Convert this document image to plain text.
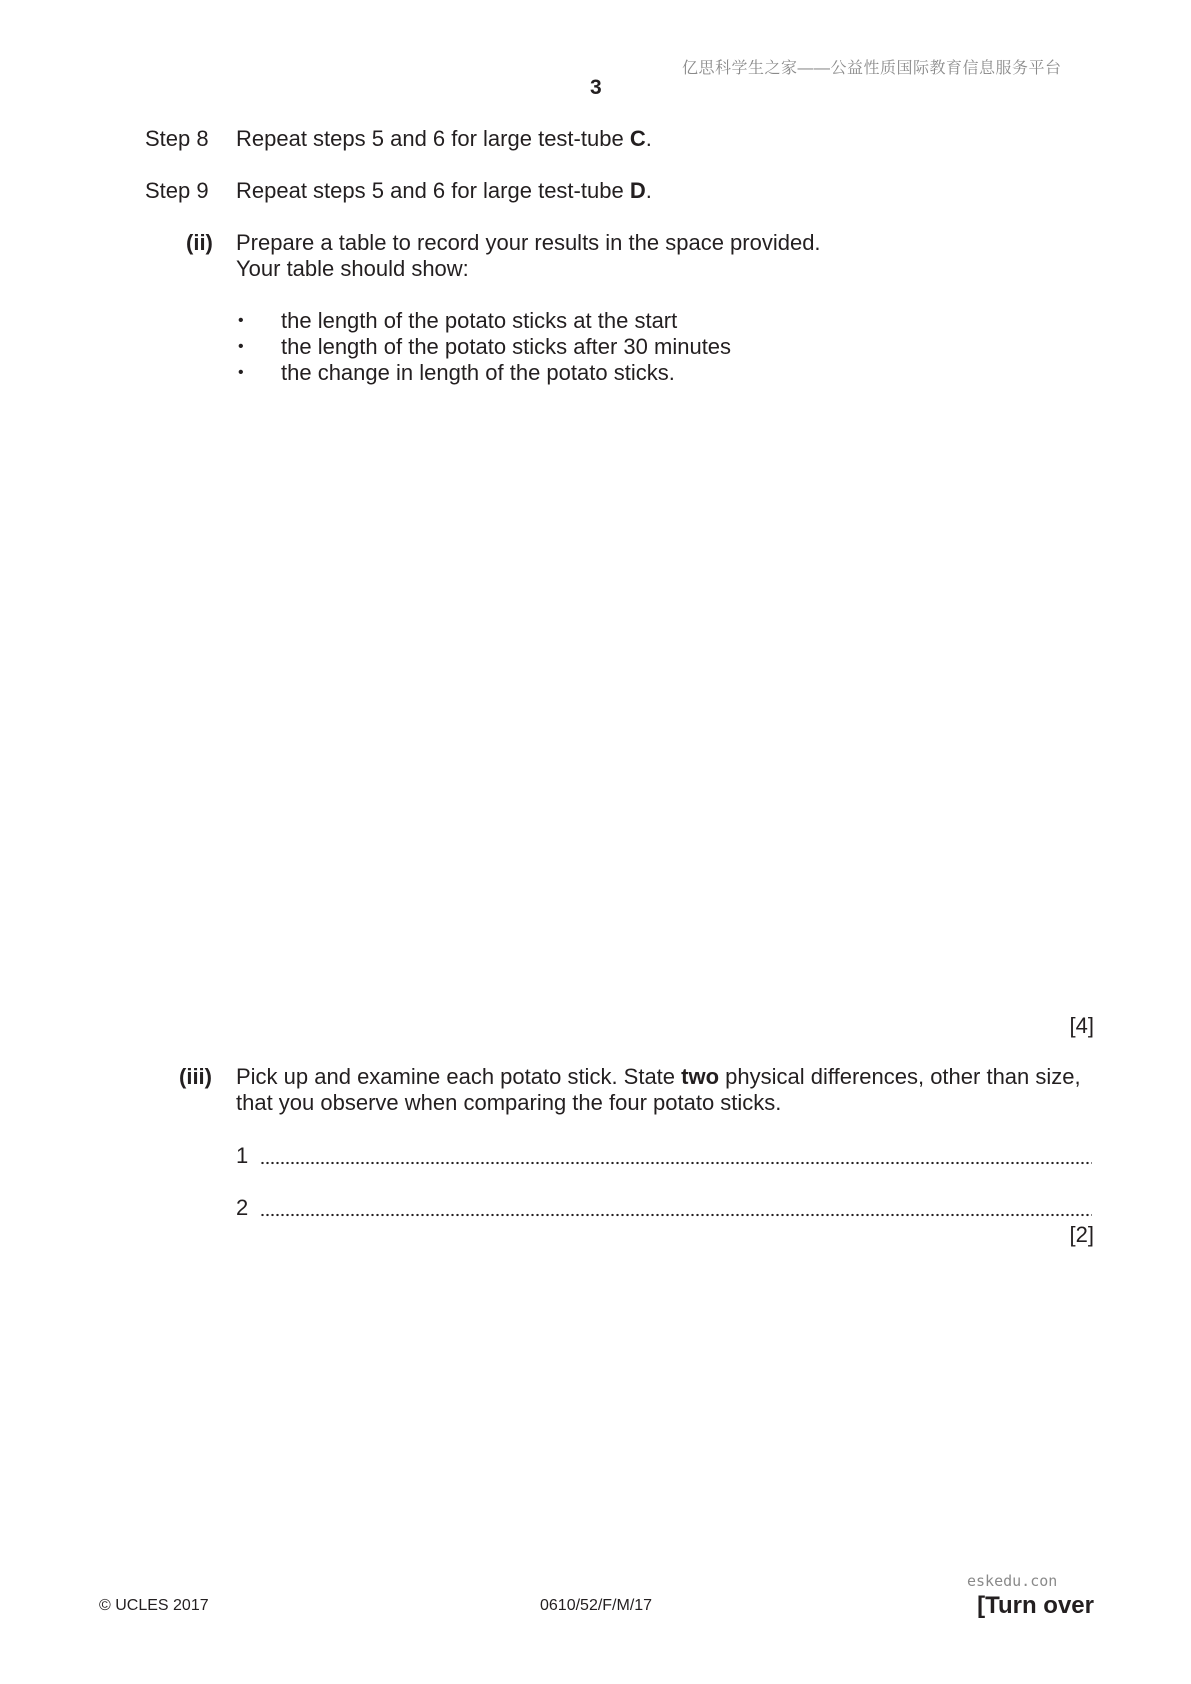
亿思科学生之家——公益性质国际教育信息服务平台
3
Step 8 Repeat steps 5 and 6 for large test-tube C.
Step 9 Repeat steps 5 and 6 for large test-tube D.
(ii) Prepare a table to record your results in the space provided.
Your table should show:
• the length of the potato sticks at the start
• the length of the potato sticks after 30 minutes
• the change in length of the potato sticks.
[4]
(iii) Pick up and examine each potato stick. State two physical differences, other than size,
that you observe when comparing the four potato sticks.
1
2
[2]
eskedu.con
© UCLES 2017	0610/52/F/M/17	[Turn over
